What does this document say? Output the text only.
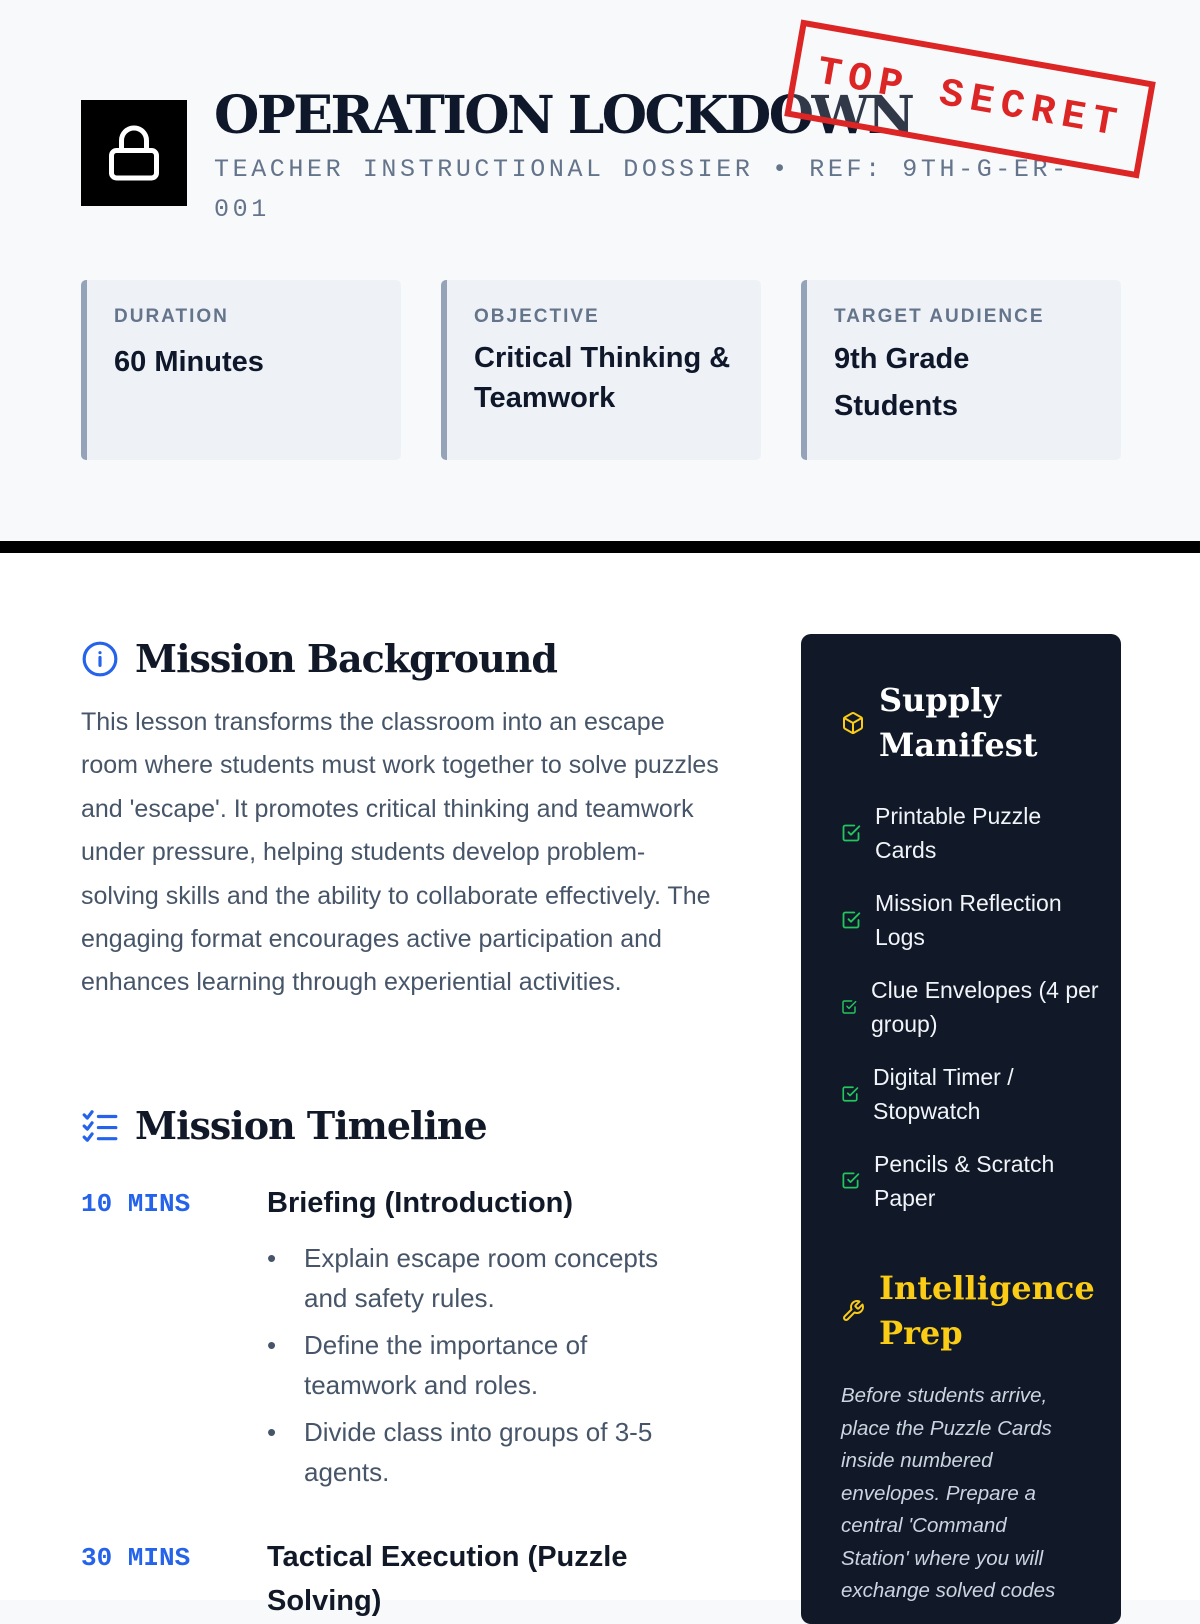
OPERATION LOCKDOWN
TEACHER INSTRUCTIONAL DOSSIER • REF: 9TH-G-ER-001
TOP SECRET
DURATION
60 Minutes
OBJECTIVE
Critical Thinking & Teamwork
TARGET AUDIENCE
9th Grade Students
Mission Background

This lesson transforms the classroom into an escape room where students must work together to solve puzzles and 'escape'. It promotes critical thinking and teamwork under pressure, helping students develop problem-solving skills and the ability to collaborate effectively. The engaging format encourages active participation and enhances learning through experiential activities.

Mission Timeline
10 MINS	Briefing (Introduction)
• Explain escape room concepts and safety rules.
• Define the importance of teamwork and roles.
• Divide class into groups of 3-5 agents.
30 MINS	Tactical Execution (Puzzle Solving)
Supply Manifest
Printable Puzzle Cards
Mission Reflection Logs
Clue Envelopes (4 per group)
Digital Timer / Stopwatch
Pencils & Scratch Paper
Intelligence Prep

Before students arrive, place the Puzzle Cards inside numbered envelopes. Prepare a central 'Command Station' where you will exchange solved codes
